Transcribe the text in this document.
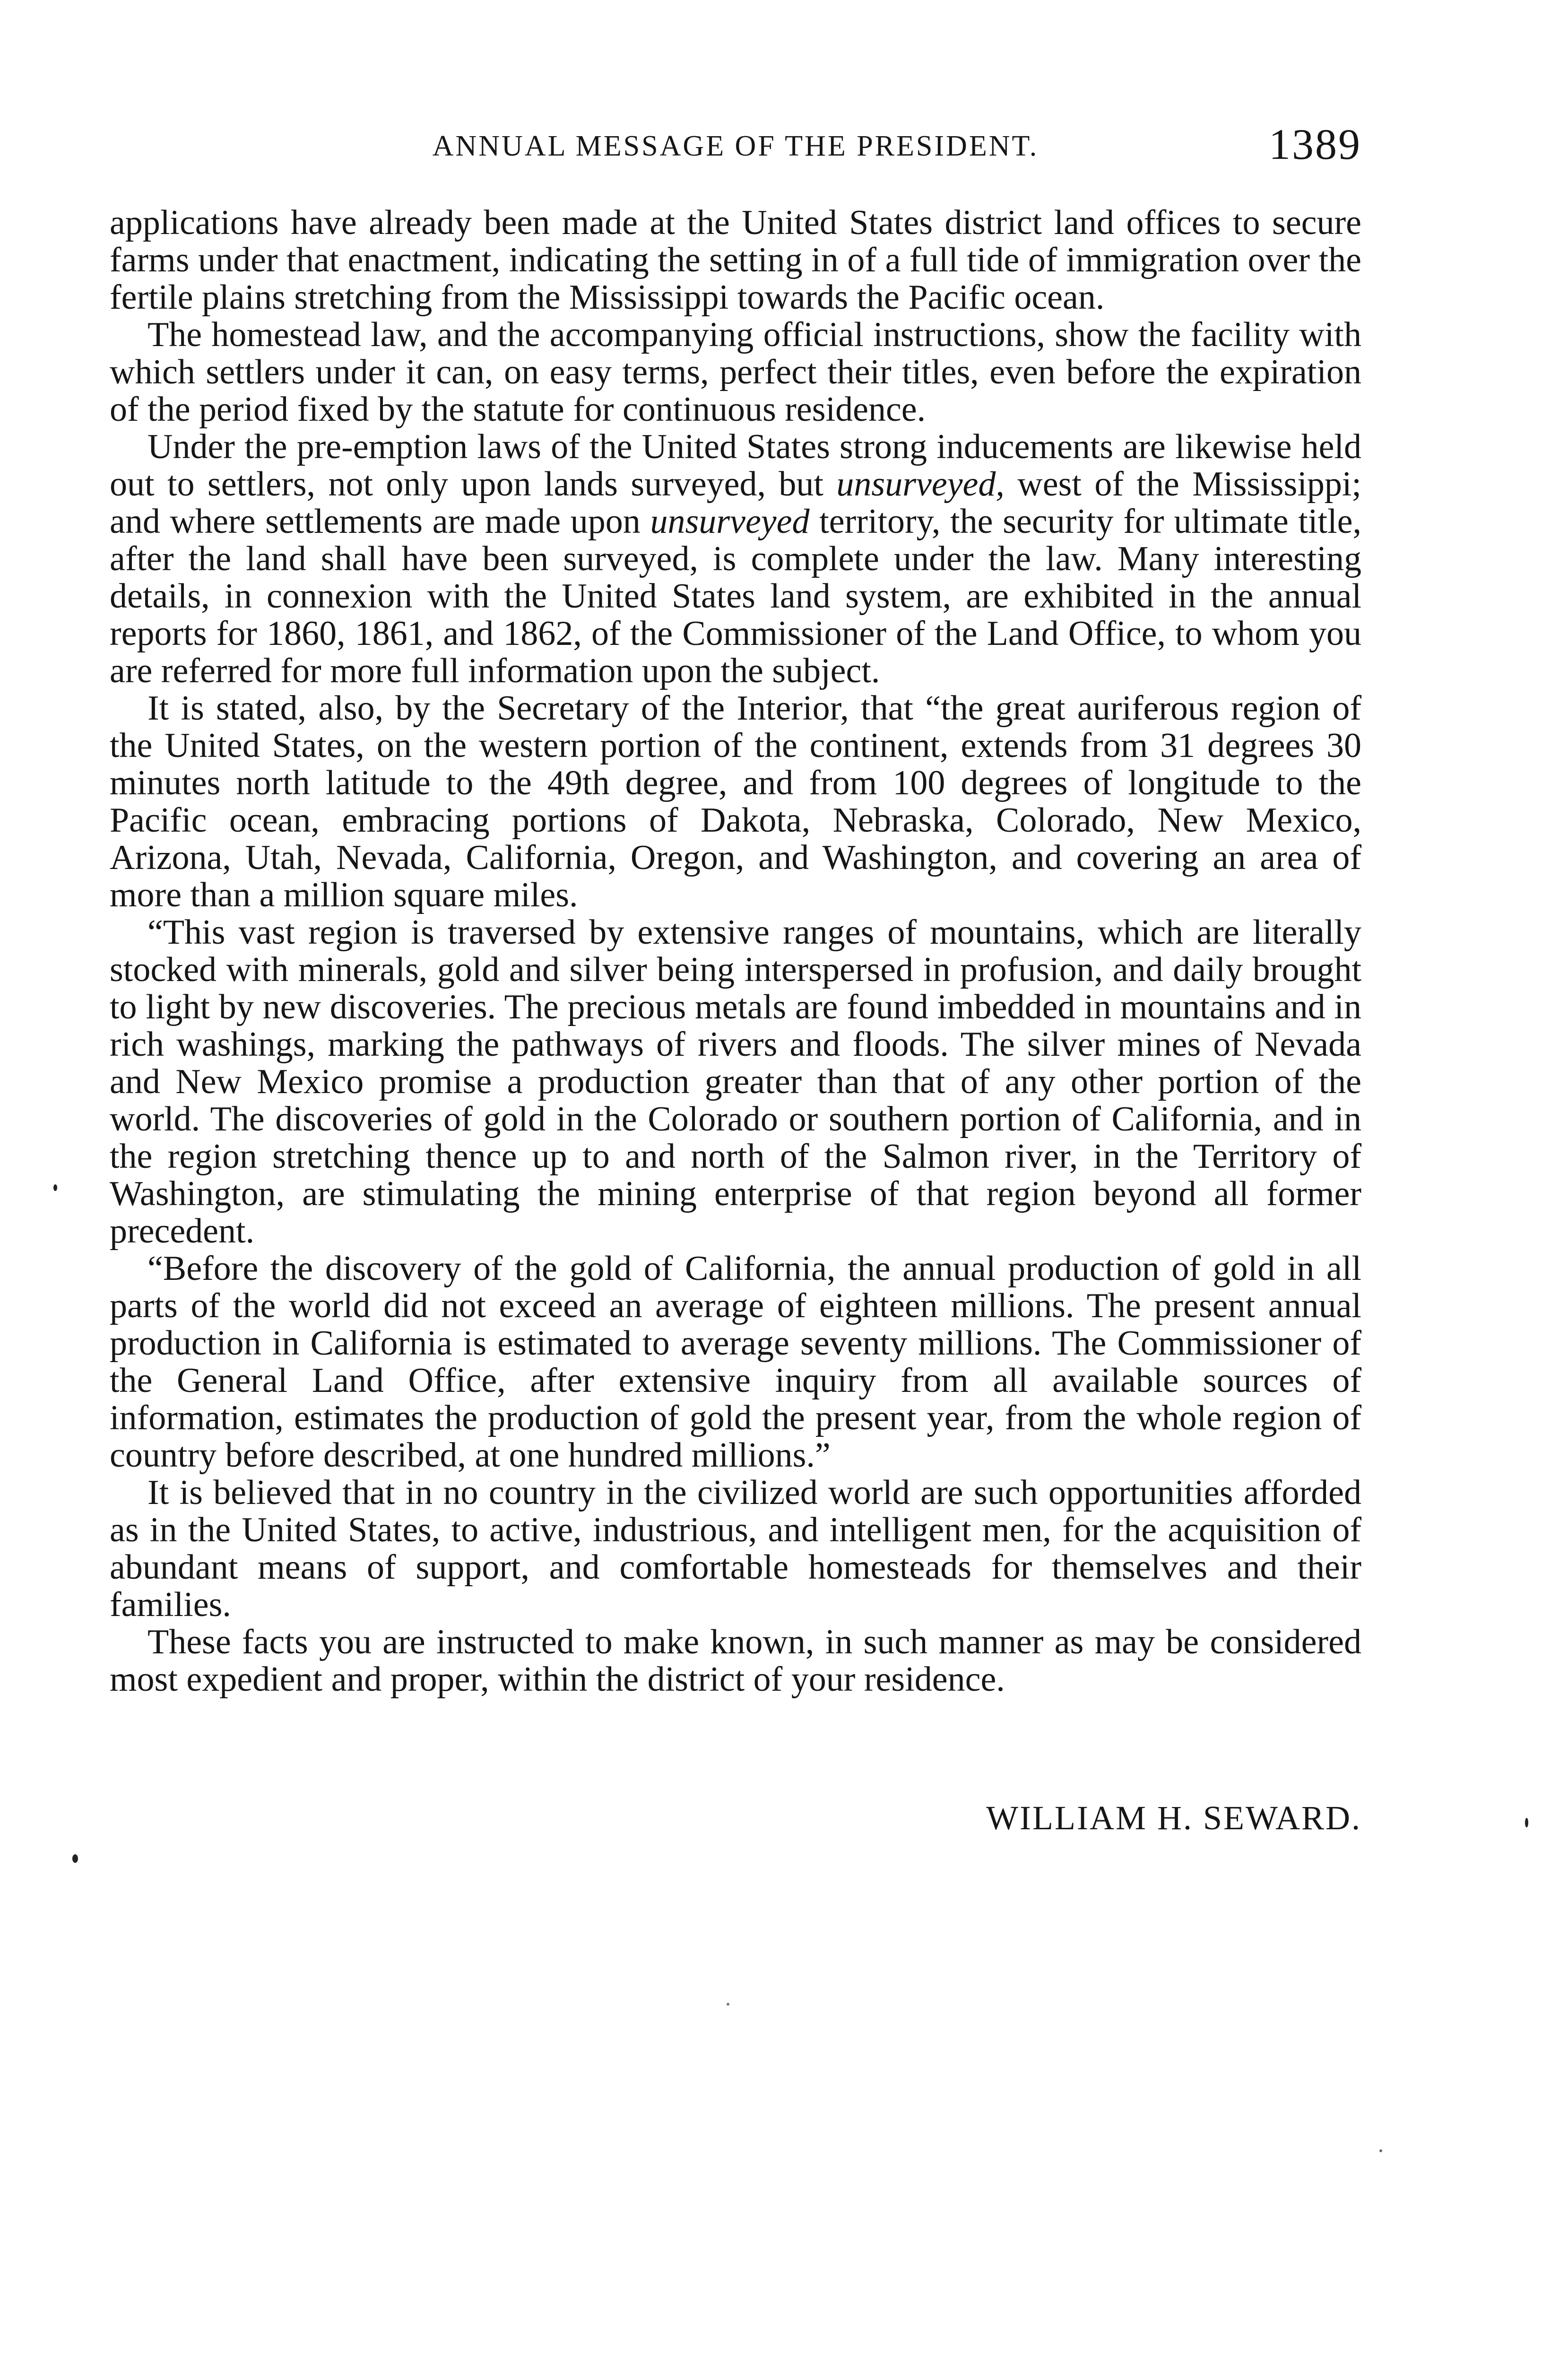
ANNUAL MESSAGE OF THE PRESIDENT.	1389

applications have already been made at the United States district land offices to secure farms under that enactment, indicating the setting in of a full tide of immigration over the fertile plains stretching from the Mississippi towards the Pacific ocean.

The homestead law, and the accompanying official instructions, show the facility with which settlers under it can, on easy terms, perfect their titles, even before the expiration of the period fixed by the statute for continuous residence.

Under the pre-emption laws of the United States strong inducements are likewise held out to settlers, not only upon lands surveyed, but unsurveyed, west of the Mississippi; and where settlements are made upon unsurveyed territory, the security for ultimate title, after the land shall have been surveyed, is complete under the law. Many interesting details, in connexion with the United States land system, are exhibited in the annual reports for 1860, 1861, and 1862, of the Commissioner of the Land Office, to whom you are referred for more full information upon the subject.

It is stated, also, by the Secretary of the Interior, that “the great auriferous region of the United States, on the western portion of the continent, extends from 31 degrees 30 minutes north latitude to the 49th degree, and from 100 degrees of longitude to the Pacific ocean, embracing portions of Dakota, Nebraska, Colorado, New Mexico, Arizona, Utah, Nevada, California, Oregon, and Washington, and covering an area of more than a million square miles.

“This vast region is traversed by extensive ranges of mountains, which are literally stocked with minerals, gold and silver being interspersed in profusion, and daily brought to light by new discoveries. The precious metals are found imbedded in mountains and in rich washings, marking the pathways of rivers and floods. The silver mines of Nevada and New Mexico promise a production greater than that of any other portion of the world. The discoveries of gold in the Colorado or southern portion of California, and in the region stretching thence up to and north of the Salmon river, in the Territory of Washington, are stimulating the mining enterprise of that region beyond all former precedent.

“Before the discovery of the gold of California, the annual production of gold in all parts of the world did not exceed an average of eighteen millions. The present annual production in California is estimated to average seventy millions. The Commissioner of the General Land Office, after extensive inquiry from all available sources of information, estimates the production of gold the present year, from the whole region of country before described, at one hundred millions.”

It is believed that in no country in the civilized world are such opportunities afforded as in the United States, to active, industrious, and intelligent men, for the acquisition of abundant means of support, and comfortable homesteads for themselves and their families.

These facts you are instructed to make known, in such manner as may be considered most expedient and proper, within the district of your residence.

WILLIAM H. SEWARD.
